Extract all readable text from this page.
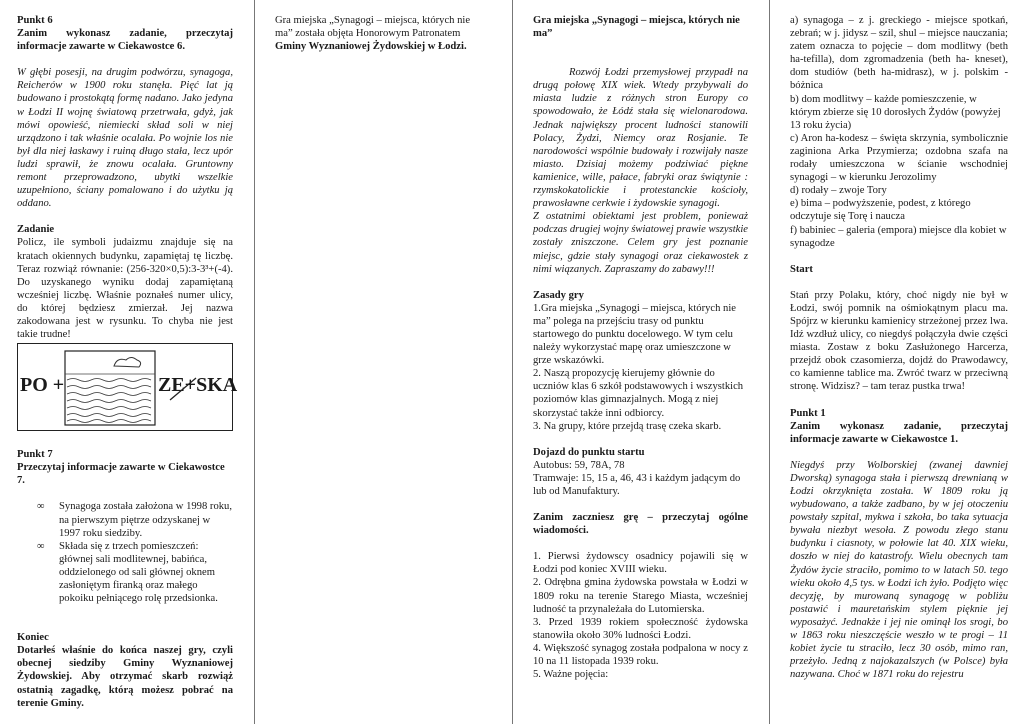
Punkt 6

Zanim wykonasz zadanie, przeczytaj informacje zawarte w Ciekawostce 6.

W głębi posesji, na drugim podwórzu, synagoga, Reicherów w 1900 roku stanęła. Pięć lat ją budowano i prostokątą formę nadano. Jako jedyna w Łodzi II wojnę światową przetrwała, gdyż, jak mówi opowieść, niemiecki skład soli w niej urządzono i tak właśnie ocalała. Po wojnie los nie był dla niej łaskawy i ruiną długo stała, lecz upór ludzi sprawił, że znowu ocalała. Gruntowny remont przeprowadzono, ubytki wszelkie uzupełniono, ściany pomalowano i do użytku ją oddano.

Zadanie

Policz, ile symboli judaizmu znajduje się na kratach okiennych budynku, zapamiętaj tę liczbę. Teraz rozwiąż równanie: (256-320×0,5):3-3³+(-4). Do uzyskanego wyniku dodaj zapamiętaną wcześniej liczbę. Właśnie poznałeś numer ulicy, do której będziesz zmierzał. Jej nazwa zakodowana jest w rysunku. To chyba nie jest takie trudne!

PO +	ZE+SKA

Punkt 7

Przeczytaj informacje zawarte w Ciekawostce 7.

∞ Synagoga została założona w 1998 roku, na pierwszym piętrze odzyskanej w 1997 roku siedziby.
∞ Składa się z trzech pomieszczeń: głównej sali modlitewnej, babińca, oddzielonego od sali głównej oknem zasłoniętym firanką oraz małego pokoiku pełniącego rolę przedsionka.

Koniec

Dotarłeś właśnie do końca naszej gry, czyli obecnej siedziby Gminy Wyznaniowej Żydowskiej. Aby otrzymać skarb rozwiąż ostatnią zagadkę, którą możesz pobrać na terenie Gminy.

Gra miejska „Synagogi – miejsca, których nie ma” została objęta Honorowym Patronatem Gminy Wyznaniowej Żydowskiej w Łodzi.

Gra miejska „Synagogi – miejsca, których nie ma”

Rozwój Łodzi przemysłowej przypadł na drugą połowę XIX wiek. Wtedy przybywali do miasta ludzie z różnych stron Europy co spowodowało, że Łódź stała się wielonarodowa. Jednak największy procent ludności stanowili Polacy, Żydzi, Niemcy oraz Rosjanie. Te narodowości wspólnie budowały i rozwijały nasze miasto. Dzisiaj możemy podziwiać piękne kamienice, wille, pałace, fabryki oraz świątynie : rzymskokatolickie i protestanckie kościoły, prawosławne cerkwie i żydowskie synagogi.

Z ostatnimi obiektami jest problem, ponieważ podczas drugiej wojny światowej prawie wszystkie zostały zniszczone. Celem gry jest poznanie miejsc, gdzie stały synagogi oraz ciekawostek z nimi wiązanych. Zapraszamy do zabawy!!!

Zasady gry

1.Gra miejska „Synagogi – miejsca, których nie ma” polega na przejściu trasy od punktu startowego do punktu docelowego. W tym celu należy wykorzystać mapę oraz umieszczone w grze wskazówki.

2. Naszą propozycję kierujemy głównie do uczniów klas 6 szkół podstawowych i wszystkich poziomów klas gimnazjalnych. Mogą z niej skorzystać także inni odbiorcy.

3. Na grupy, które przejdą trasę czeka skarb.

Dojazd do punktu startu

Autobus: 59, 78A, 78

Tramwaje: 15, 15 a, 46, 43 i każdym jadącym do lub od Manufaktury.

Zanim zaczniesz grę – przeczytaj ogólne wiadomości.

1. Pierwsi żydowscy osadnicy pojawili się w Łodzi pod koniec XVIII wieku.

2. Odrębna gmina żydowska powstała w Łodzi w 1809 roku na terenie Starego Miasta, wcześniej ludność ta przynależała do Lutomierska.

3. Przed 1939 rokiem społeczność żydowska stanowiła około 30% ludności Łodzi.

4. Większość synagog została podpalona w nocy z 10 na 11 listopada 1939 roku.

5. Ważne pojęcia:

a) synagoga – z j. greckiego - miejsce spotkań, zebrań; w j. jidysz – szil, shul – miejsce nauczania; zatem oznacza to pojęcie – dom modlitwy (beth ha-tefilla), dom zgromadzenia (beth ha- kneset), dom studiów (beth ha-midrasz), w j. polskim - bóżnica

b) dom modlitwy – każde pomieszczenie, w którym zbierze się 10 dorosłych Żydów (powyżej 13 roku życia)

c) Aron ha-kodesz – święta skrzynia, symbolicznie zaginiona Arka Przymierza; ozdobna szafa na rodały umieszczona w ścianie wschodniej synagogi – w kierunku Jerozolimy

d) rodały – zwoje Tory

e) bima – podwyższenie, podest, z którego odczytuje się Torę i naucza

f) babiniec – galeria (empora) miejsce dla kobiet w synagodze

Start

Stań przy Polaku, który, choć nigdy nie był w Łodzi, swój pomnik na ośmiokątnym placu ma. Spójrz w kierunku kamienicy strzeżonej przez lwa. Idź wzdłuż ulicy, co niegdyś połączyła dwie części miasta. Zostaw z boku Zasłużonego Harcerza, przejdź obok czasomierza, dojdź do Prawodawcy, co kamienne tablice ma. Zwróć twarz w przeciwną stronę. Widzisz? – tam teraz pustka trwa!

Punkt 1

Zanim wykonasz zadanie, przeczytaj informacje zawarte w Ciekawostce 1.

Niegdyś przy Wolborskiej (zwanej dawniej Dworską) synagoga stała i pierwszą drewnianą w Łodzi okrzyknięta została. W 1809 roku ją wybudowano, a także zadbano, by w jej otoczeniu powstały szpital, mykwa i szkoła, bo taka sytuacja bywała niezbyt wesoła. Z powodu złego stanu budynku i ciasnoty, w połowie lat 40. XIX wieku, doszło w niej do katastrofy. Wielu obecnych tam Żydów życie straciło, pomimo to w latach 50. tego wieku około 4,5 tys. w Łodzi ich żyło. Podjęto więc decyzję, by murowaną synagogę w pobliżu postawić i mauretańskim stylem pięknie jej wyposażyć. Jednakże i jej nie ominął los srogi, bo w 1863 roku nieszczęście weszło w te progi – 11 kobiet życie tu straciło, lecz 30 osób, mimo ran, przeżyło. Jedną z najokazalszych (w Polsce) była nazywana. Choć w 1871 roku do rejestru
